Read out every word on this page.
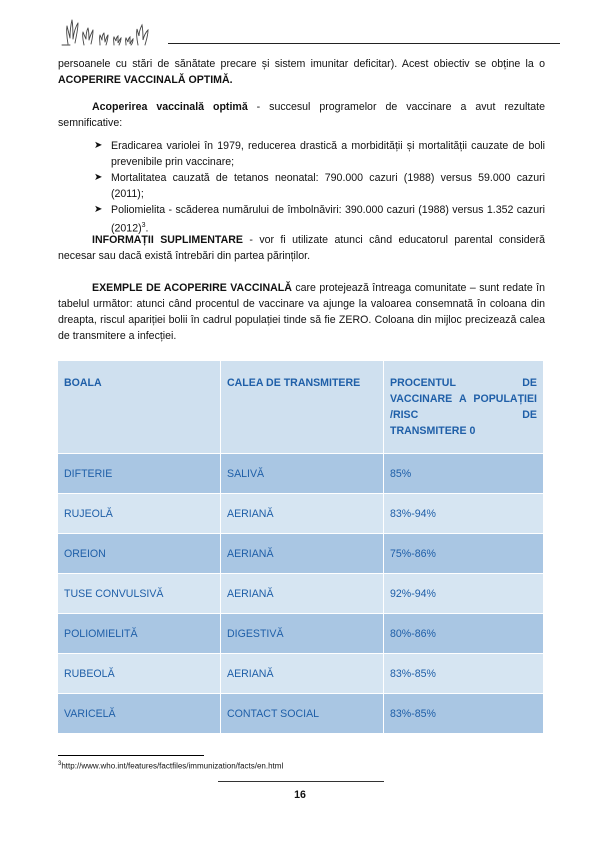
persoanele cu stări de sănătate precare și sistem imunitar deficitar). Acest obiectiv se obține la o ACOPERIRE VACCINALĂ OPTIMĂ.
Acoperirea vaccinală optimă - succesul programelor de vaccinare a avut rezultate semnificative:
➤ Eradicarea variolei în 1979, reducerea drastică a morbidității și mortalității cauzate de boli prevenibile prin vaccinare;
➤ Mortalitatea cauzată de tetanos neonatal: 790.000 cazuri (1988) versus 59.000 cazuri (2011);
➤ Poliomielita - scăderea numărului de îmbolnăviri: 390.000 cazuri (1988) versus 1.352 cazuri $(2012)^3$.
INFORMAȚII SUPLIMENTARE - vor fi utilizate atunci când educatorul parental consideră necesar sau dacă există întrebări din partea părinților.
EXEMPLE DE ACOPERIRE VACCINALĂ care protejează întreaga comunitate – sunt redate în tabelul următor: atunci când procentul de vaccinare va ajunge la valoarea consemnată în coloana din dreapta, riscul apariției bolii în cadrul populației tinde să fie ZERO. Coloana din mijloc precizează calea de transmitere a infecției.
BOALA	CALEA DE TRANSMITERE	PROCENTUL DE VACCINARE A POPULAȚIEI /RISC DE
TRANSMITERE 0

DIFTERIE	SALIVĂ	85%
RUJEOLĂ	AERIANĂ	83%-94%
OREION	AERIANĂ	75%-86%
TUSE CONVULSIVĂ	AERIANĂ	92%-94%
POLIOMIELITĂ	DIGESTIVĂ	80%-86%
RUBEOLĂ	AERIANĂ	83%-85%
VARICELĂ	CONTACT SOCIAL	83%-85%
$^3$http://www.who.int/features/factfiles/immunization/facts/en.html
16
